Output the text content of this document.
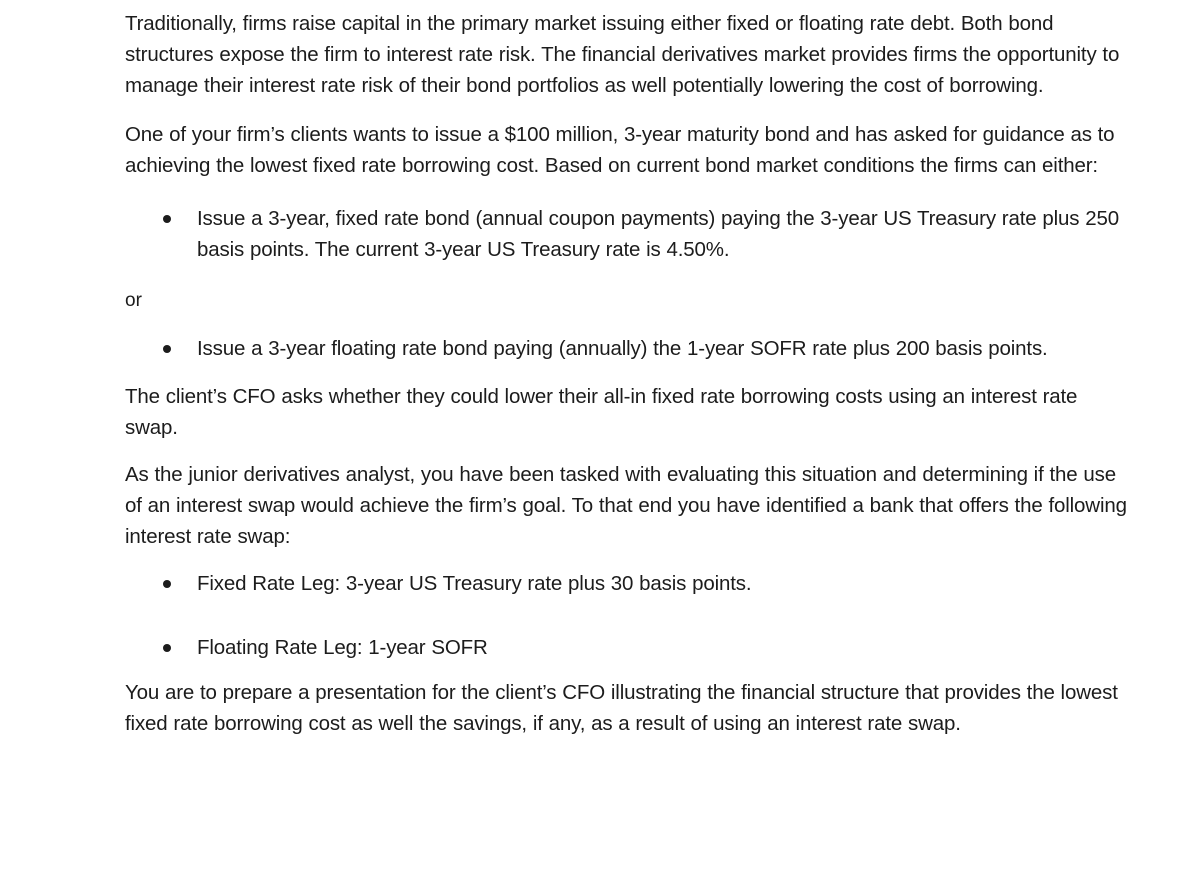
Traditionally, firms raise capital in the primary market issuing either fixed or floating rate debt. Both bond structures expose the firm to interest rate risk. The financial derivatives market provides firms the opportunity to manage their interest rate risk of their bond portfolios as well potentially lowering the cost of borrowing.

One of your firm’s clients wants to issue a $100 million, 3-year maturity bond and has asked for guidance as to achieving the lowest fixed rate borrowing cost. Based on current bond market conditions the firms can either:

Issue a 3-year, fixed rate bond (annual coupon payments) paying the 3-year US Treasury rate plus 250 basis points. The current 3-year US Treasury rate is 4.50%.
or
Issue a 3-year floating rate bond paying (annually) the 1-year SOFR rate plus 200 basis points.

The client’s CFO asks whether they could lower their all-in fixed rate borrowing costs using an interest rate swap.

As the junior derivatives analyst, you have been tasked with evaluating this situation and determining if the use of an interest swap would achieve the firm’s goal. To that end you have identified a bank that offers the following interest rate swap:

Fixed Rate Leg: 3-year US Treasury rate plus 30 basis points.
Floating Rate Leg: 1-year SOFR

You are to prepare a presentation for the client’s CFO illustrating the financial structure that provides the lowest fixed rate borrowing cost as well the savings, if any, as a result of using an interest rate swap.
